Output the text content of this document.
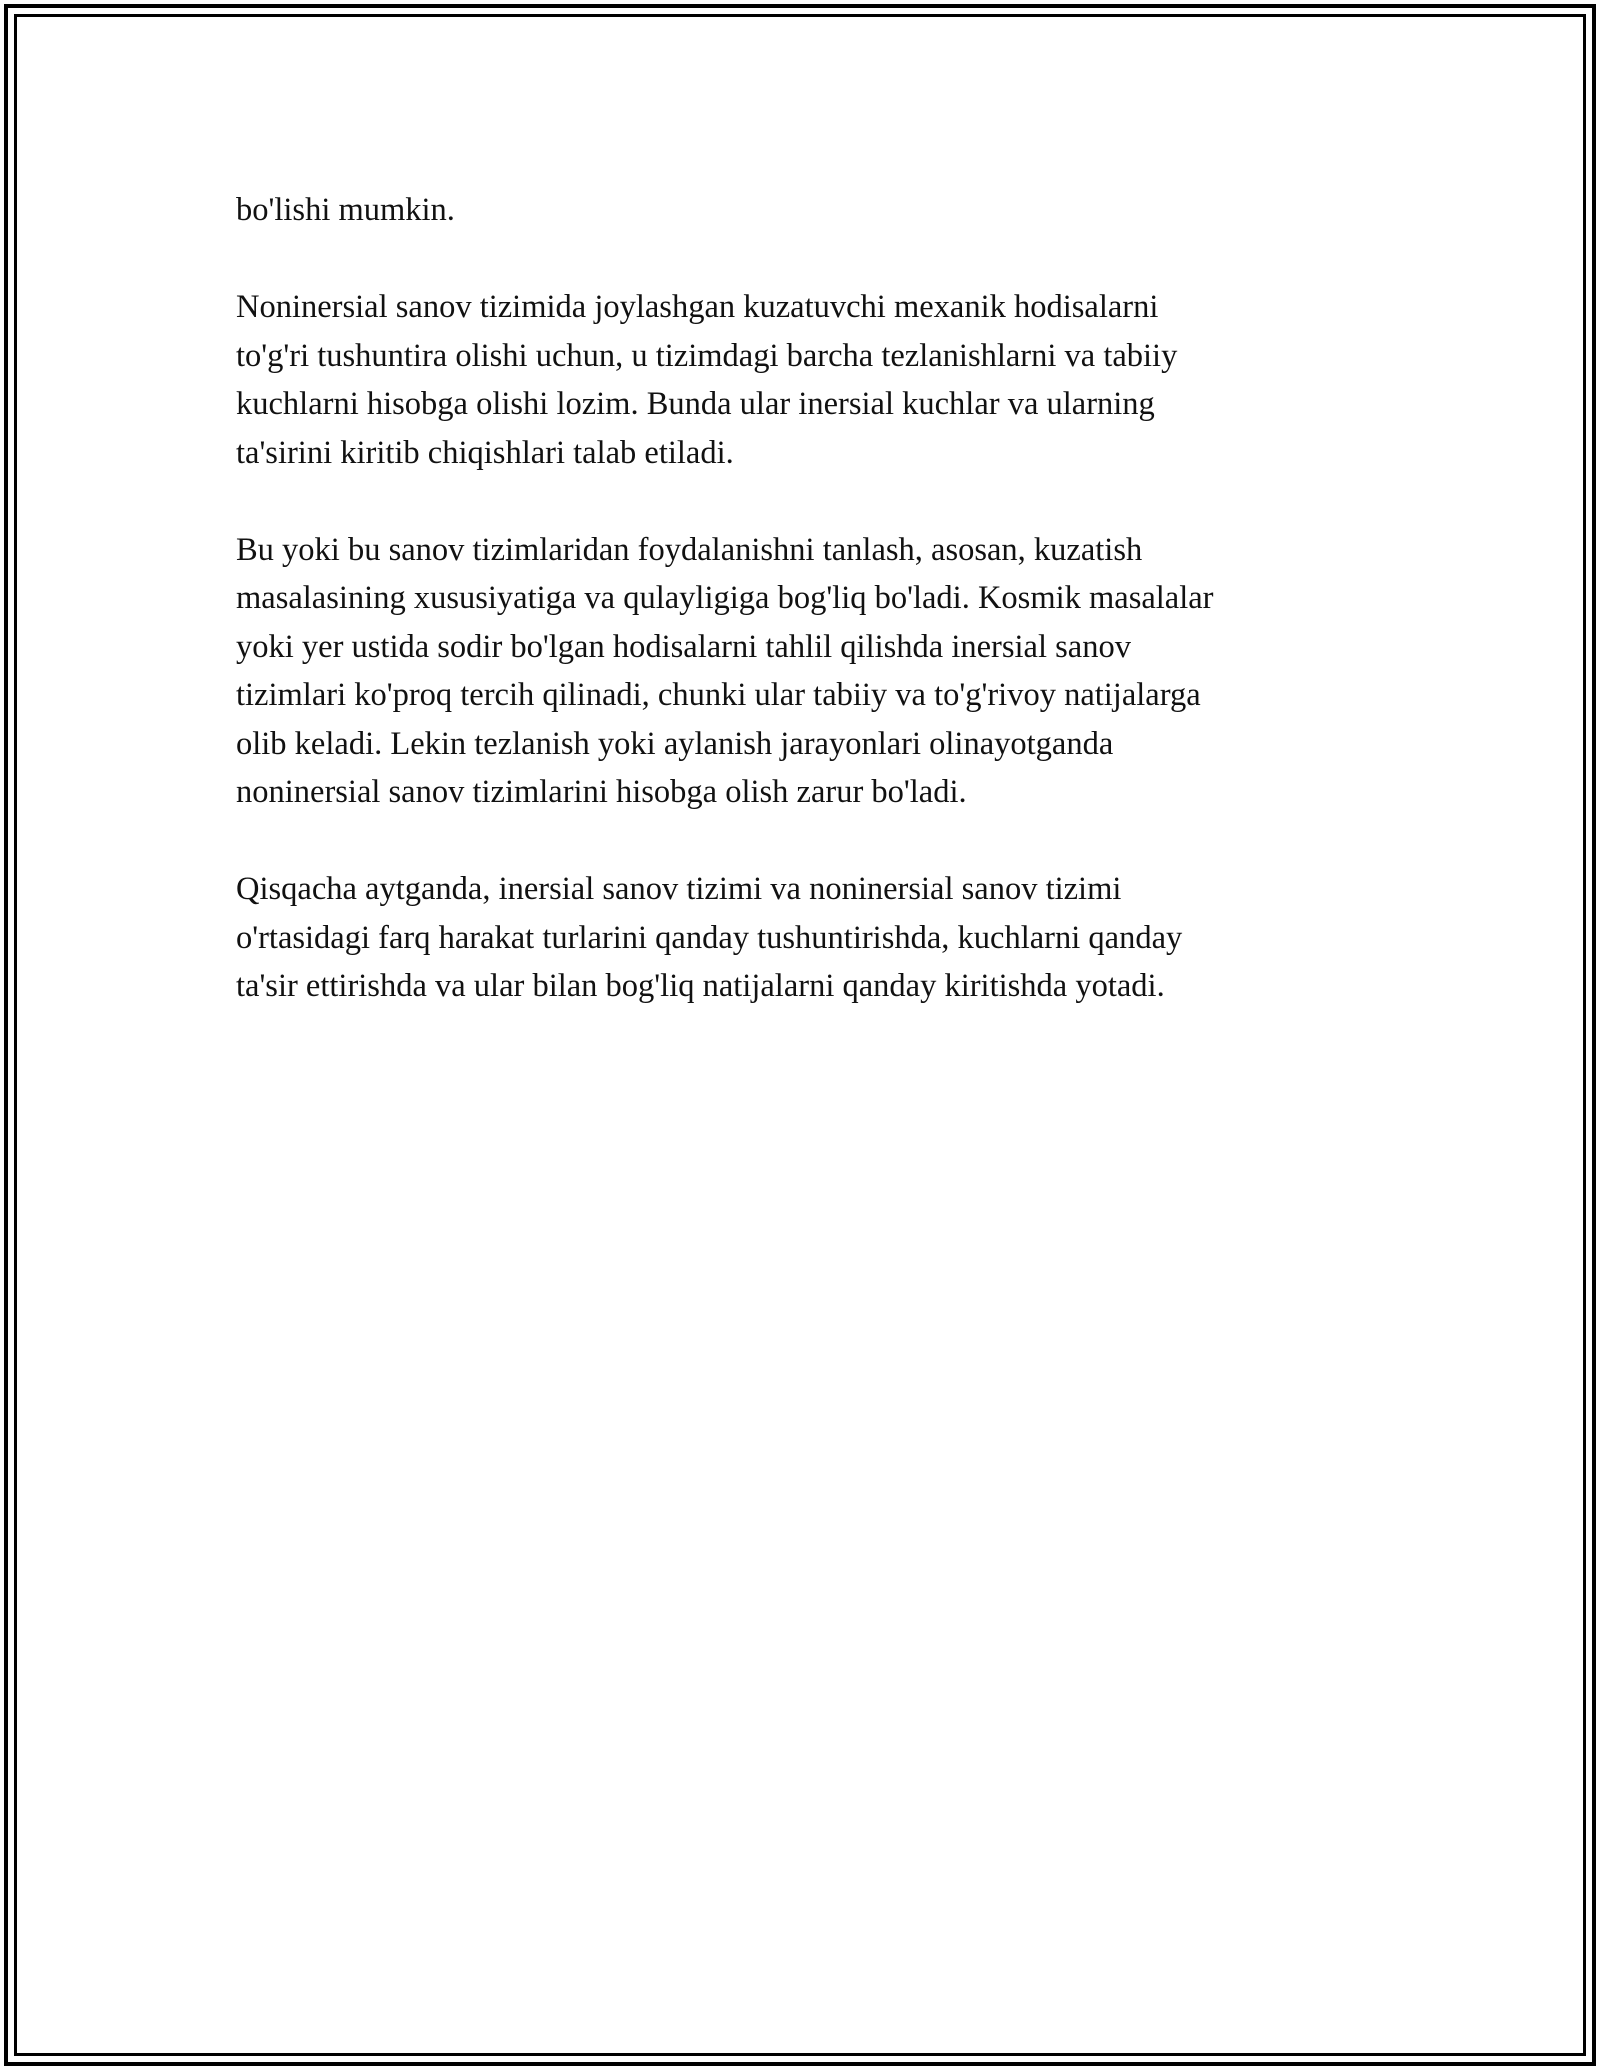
bo'lishi mumkin.

Noninersial sanov tizimida joylashgan kuzatuvchi mexanik hodisalarni
to'g'ri tushuntira olishi uchun, u tizimdagi barcha tezlanishlarni va tabiiy
kuchlarni hisobga olishi lozim. Bunda ular inersial kuchlar va ularning
ta'sirini kiritib chiqishlari talab etiladi.

Bu yoki bu sanov tizimlaridan foydalanishni tanlash, asosan, kuzatish
masalasining xususiyatiga va qulayligiga bog'liq bo'ladi. Kosmik masalalar
yoki yer ustida sodir bo'lgan hodisalarni tahlil qilishda inersial sanov
tizimlari ko'proq tercih qilinadi, chunki ular tabiiy va to'g'rivoy natijalarga
olib keladi. Lekin tezlanish yoki aylanish jarayonlari olinayotganda
noninersial sanov tizimlarini hisobga olish zarur bo'ladi.

Qisqacha aytganda, inersial sanov tizimi va noninersial sanov tizimi
o'rtasidagi farq harakat turlarini qanday tushuntirishda, kuchlarni qanday
ta'sir ettirishda va ular bilan bog'liq natijalarni qanday kiritishda yotadi.
